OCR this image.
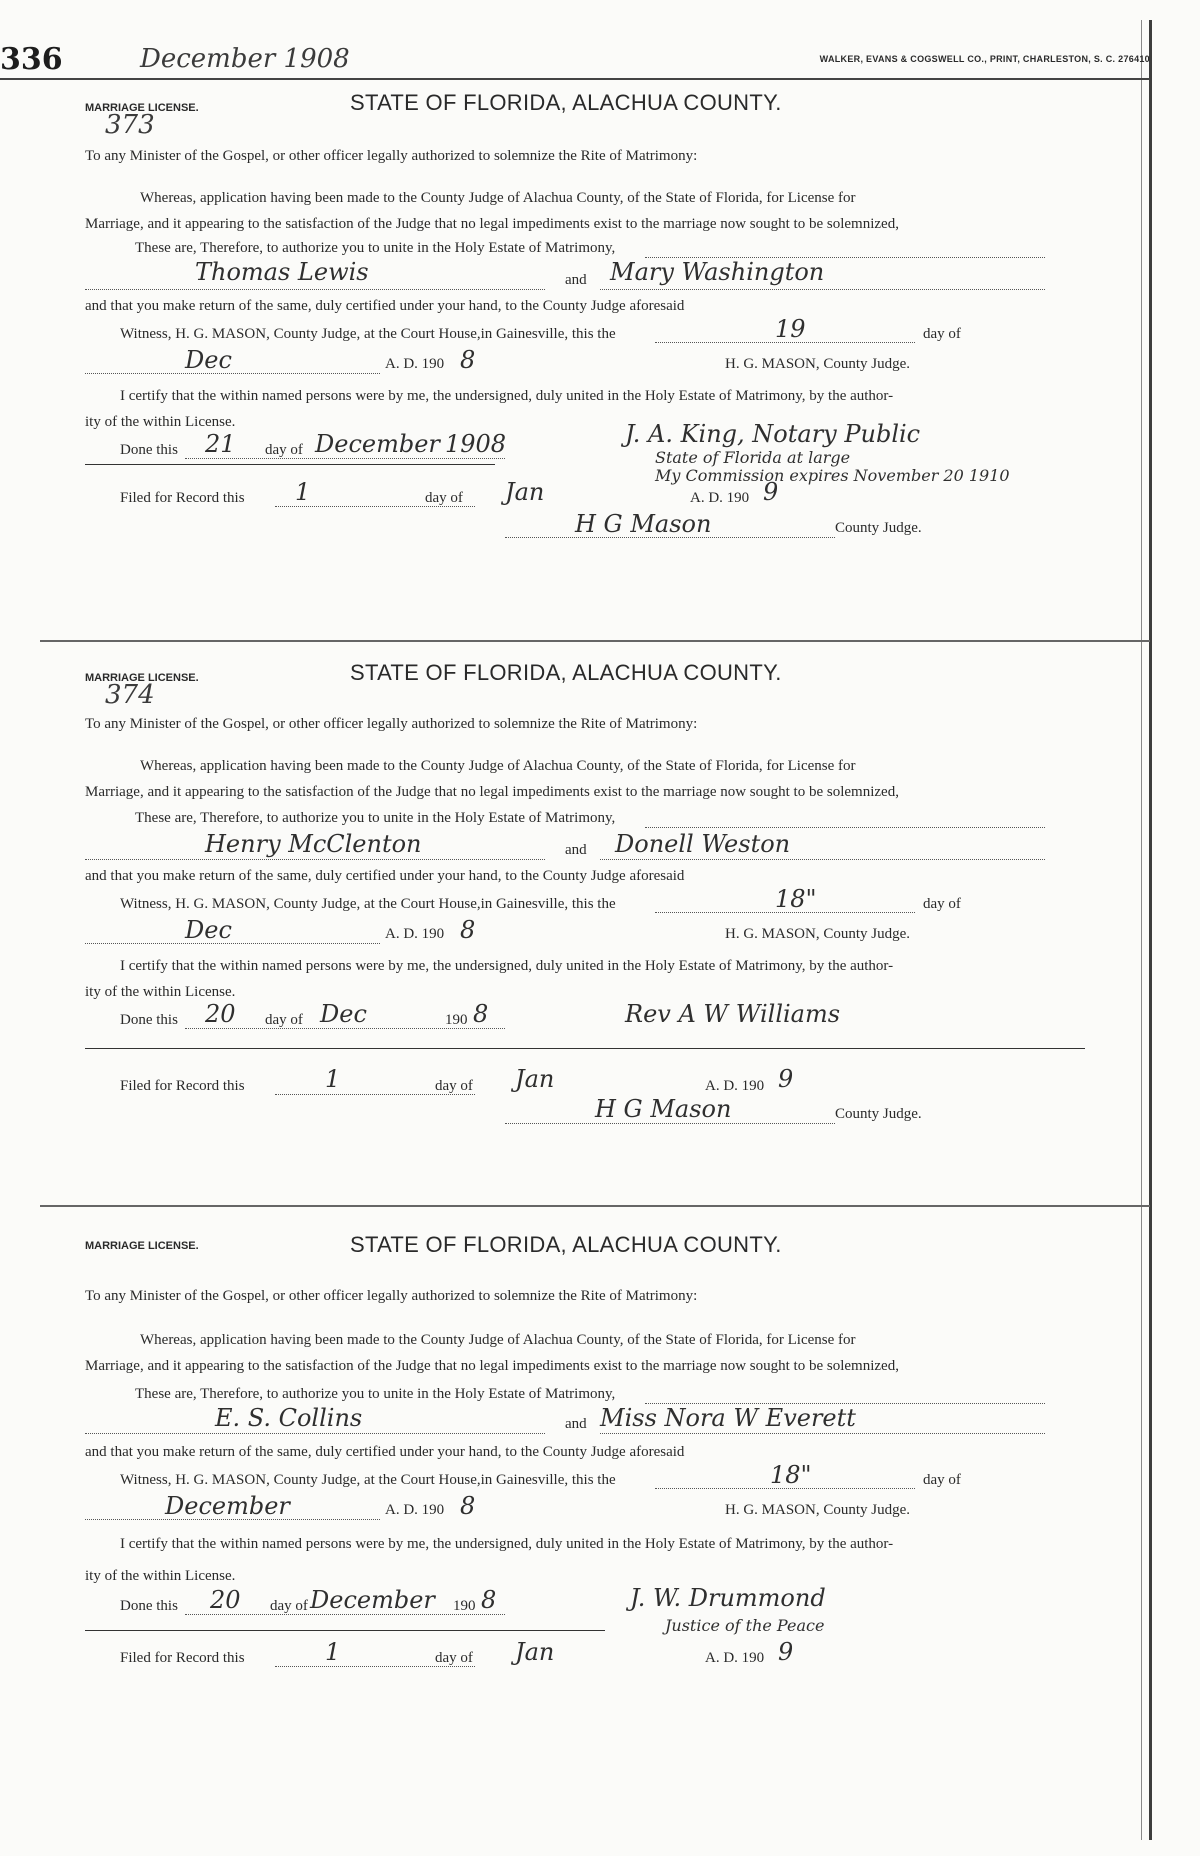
336	December 1908	WALKER, EVANS & COGSWELL CO., PRINT, CHARLESTON, S. C. 276410
MARRIAGE LICENSE.
373
STATE OF FLORIDA, ALACHUA COUNTY.
To any Minister of the Gospel, or other officer legally authorized to solemnize the Rite of Matrimony:
Whereas, application having been made to the County Judge of Alachua County, of the State of Florida, for License for
Marriage, and it appearing to the satisfaction of the Judge that no legal impediments exist to the marriage now sought to be solemnized,
These are, Therefore, to authorize you to unite in the Holy Estate of Matrimony,
Thomas Lewis	and Mary Washington
and that you make return of the same, duly certified under your hand, to the County Judge aforesaid
Witness, H. G. MASON, County Judge, at the Court House,in Gainesville, this the	19	day of
Dec	A. D. 190 8	H. G. MASON, County Judge.
I certify that the within named persons were by me, the undersigned, duly united in the Holy Estate of Matrimony, by the author-
ity of the within License.
Done this 21 day of December 1908	J. A. King, Notary Public
State of Florida at large
My Commission expires November 20 1910
Filed for Record this 1	day of Jan	A. D. 190 9
H G Mason	County Judge.
MARRIAGE LICENSE.
374
STATE OF FLORIDA, ALACHUA COUNTY.
To any Minister of the Gospel, or other officer legally authorized to solemnize the Rite of Matrimony:
Whereas, application having been made to the County Judge of Alachua County, of the State of Florida, for License for
Marriage, and it appearing to the satisfaction of the Judge that no legal impediments exist to the marriage now sought to be solemnized,
These are, Therefore, to authorize you to unite in the Holy Estate of Matrimony,
Henry McClenton	and Donell Weston
and that you make return of the same, duly certified under your hand, to the County Judge aforesaid
Witness, H. G. MASON, County Judge, at the Court House,in Gainesville, this the	18"	day of
Dec	A. D. 190 8	H. G. MASON, County Judge.
I certify that the within named persons were by me, the undersigned, duly united in the Holy Estate of Matrimony, by the author-
ity of the within License.
Done this 20 day of Dec	190 8	Rev A W Williams
Filed for Record this	1	day of Jan	A. D. 190 9
H G Mason	County Judge.
MARRIAGE LICENSE.	STATE OF FLORIDA, ALACHUA COUNTY.
To any Minister of the Gospel, or other officer legally authorized to solemnize the Rite of Matrimony:
Whereas, application having been made to the County Judge of Alachua County, of the State of Florida, for License for
Marriage, and it appearing to the satisfaction of the Judge that no legal impediments exist to the marriage now sought to be solemnized,
These are, Therefore, to authorize you to unite in the Holy Estate of Matrimony,
E. S. Collins	and Miss Nora W Everett
and that you make return of the same, duly certified under your hand, to the County Judge aforesaid
Witness, H. G. MASON, County Judge, at the Court House,in Gainesville, this the	18"	day of
December	A. D. 190 8	H. G. MASON, County Judge.
I certify that the within named persons were by me, the undersigned, duly united in the Holy Estate of Matrimony, by the author-
ity of the within License.
Done this 20 day of December 190 8	J. W. Drummond
Justice of the Peace
Filed for Record this	1	day of Jan	A. D. 190 9
